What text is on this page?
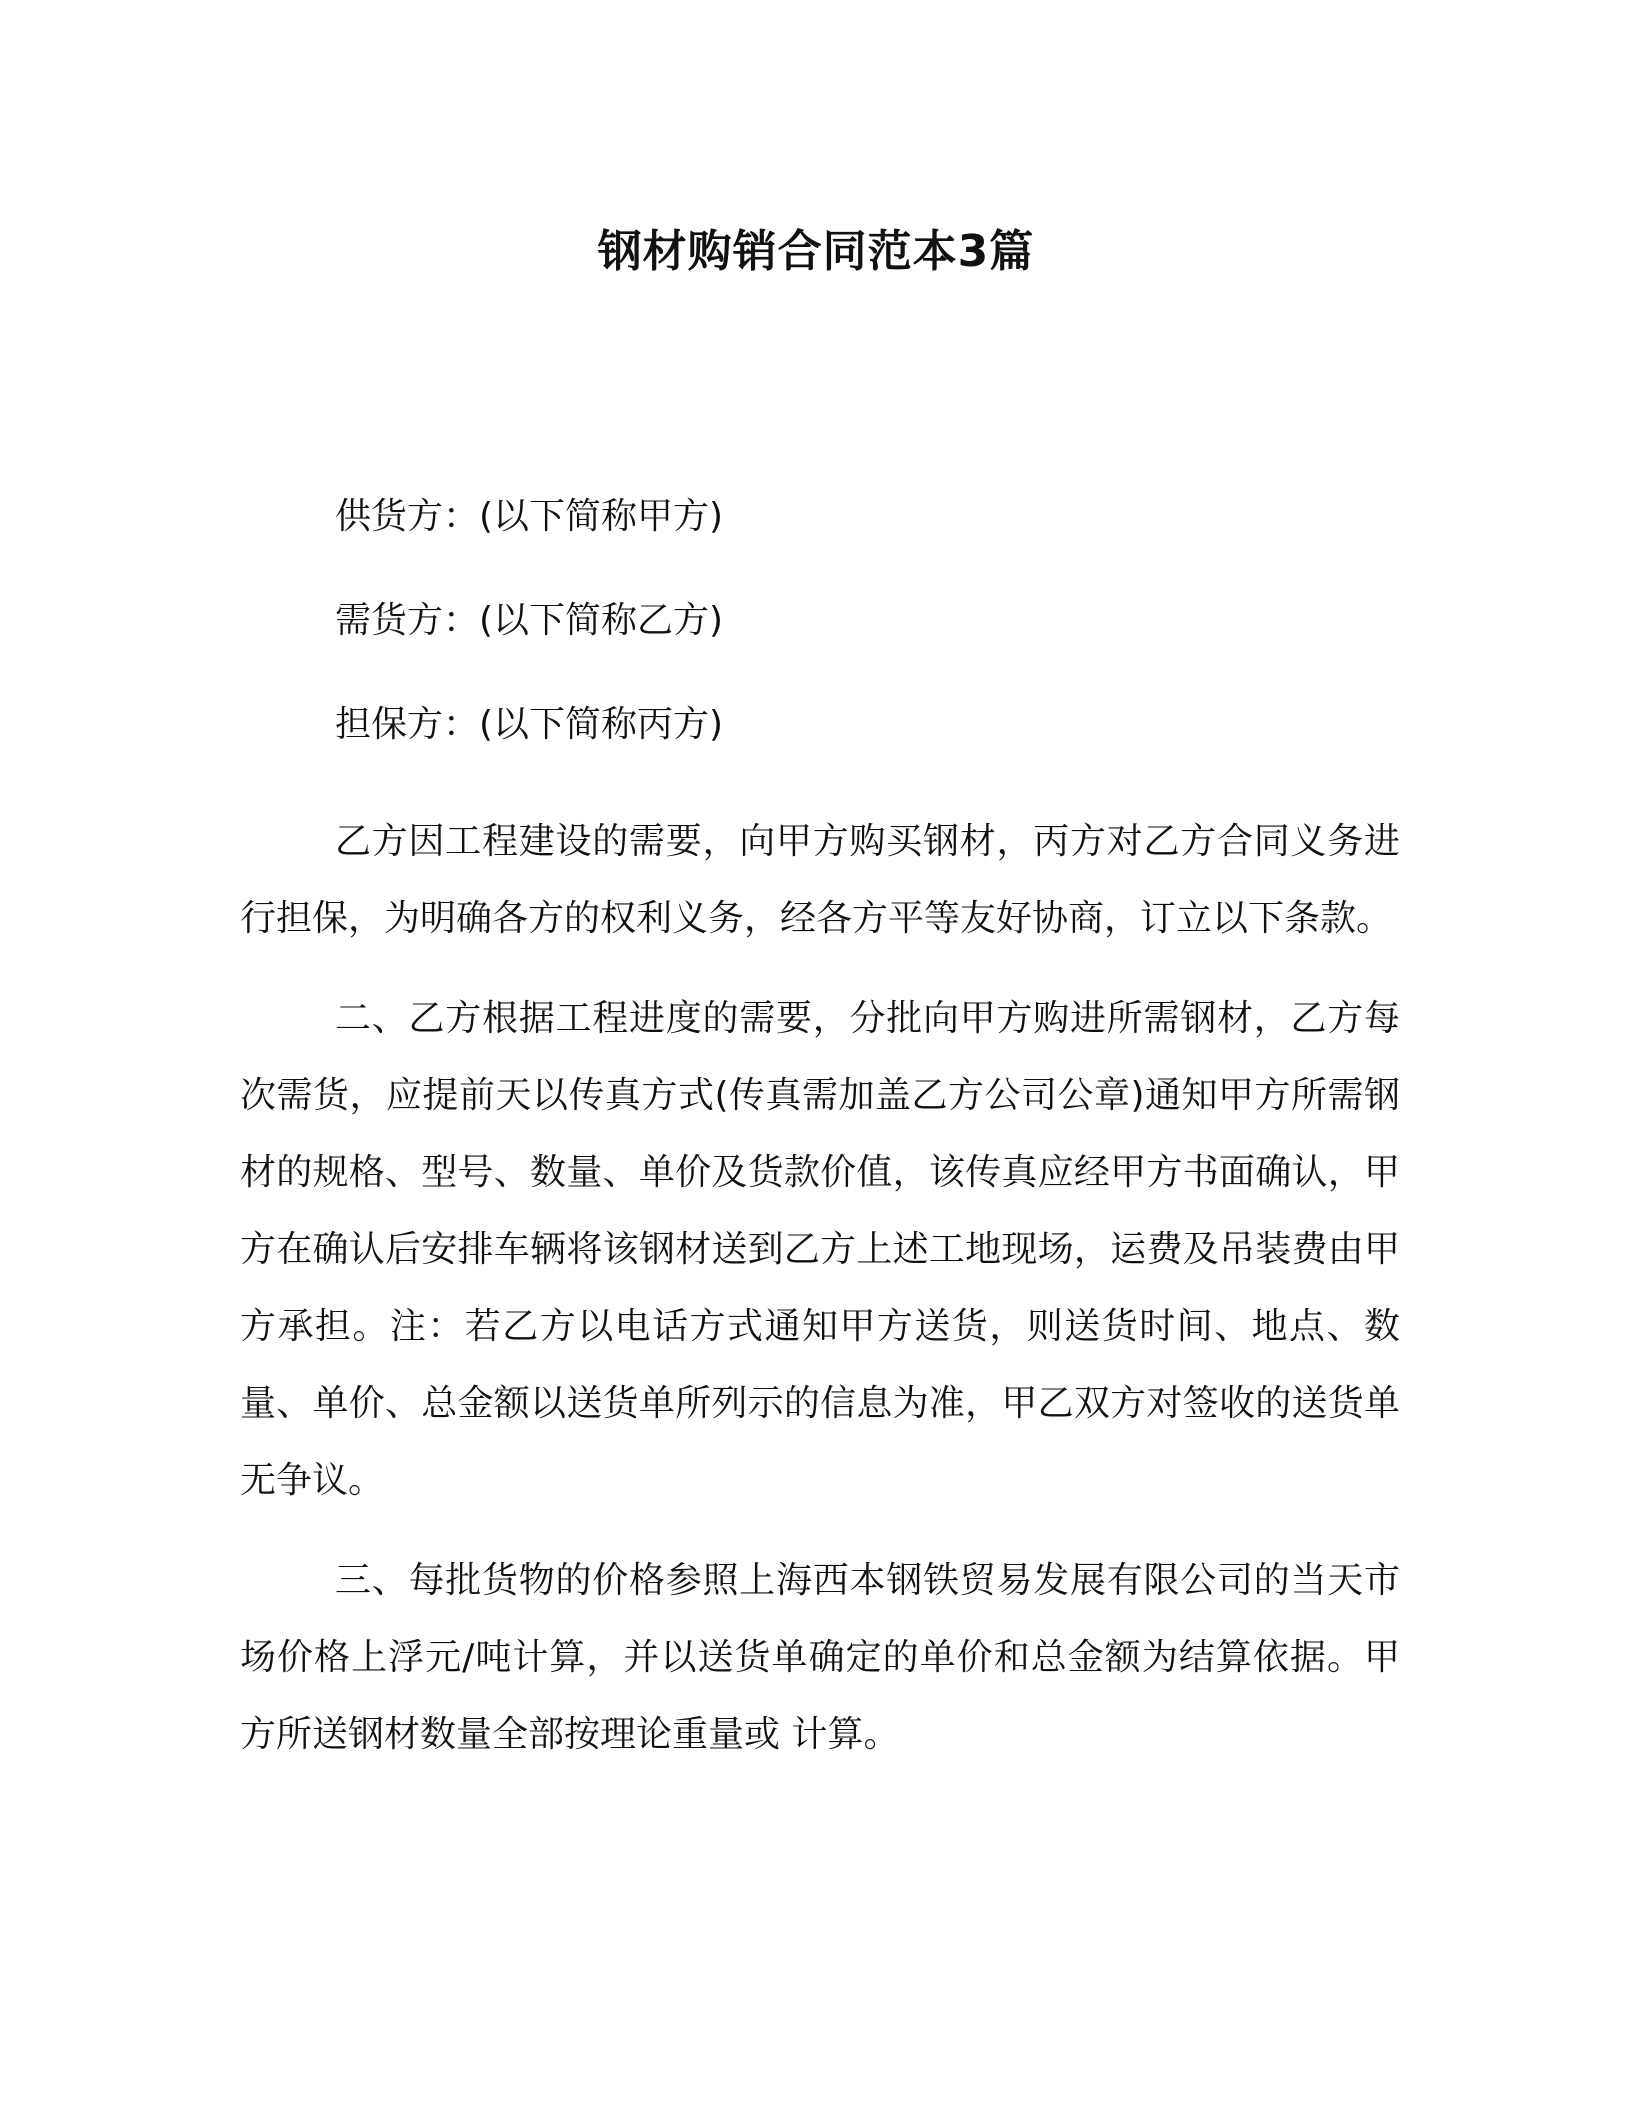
钢材购销合同范本3篇

供货方：(以下简称甲方)

需货方：(以下简称乙方)

担保方：(以下简称丙方)

乙方因工程建设的需要，向甲方购买钢材，丙方对乙方合同义务进行担保，为明确各方的权利义务，经各方平等友好协商，订立以下条款。

二、乙方根据工程进度的需要，分批向甲方购进所需钢材，乙方每次需货，应提前天以传真方式(传真需加盖乙方公司公章)通知甲方所需钢材的规格、型号、数量、单价及货款价值，该传真应经甲方书面确认，甲方在确认后安排车辆将该钢材送到乙方上述工地现场，运费及吊装费由甲方承担。注：若乙方以电话方式通知甲方送货，则送货时间、地点、数量、单价、总金额以送货单所列示的信息为准，甲乙双方对签收的送货单无争议。

三、每批货物的价格参照上海西本钢铁贸易发展有限公司的当天市场价格上浮元/吨计算，并以送货单确定的单价和总金额为结算依据。甲方所送钢材数量全部按理论重量或 计算。
